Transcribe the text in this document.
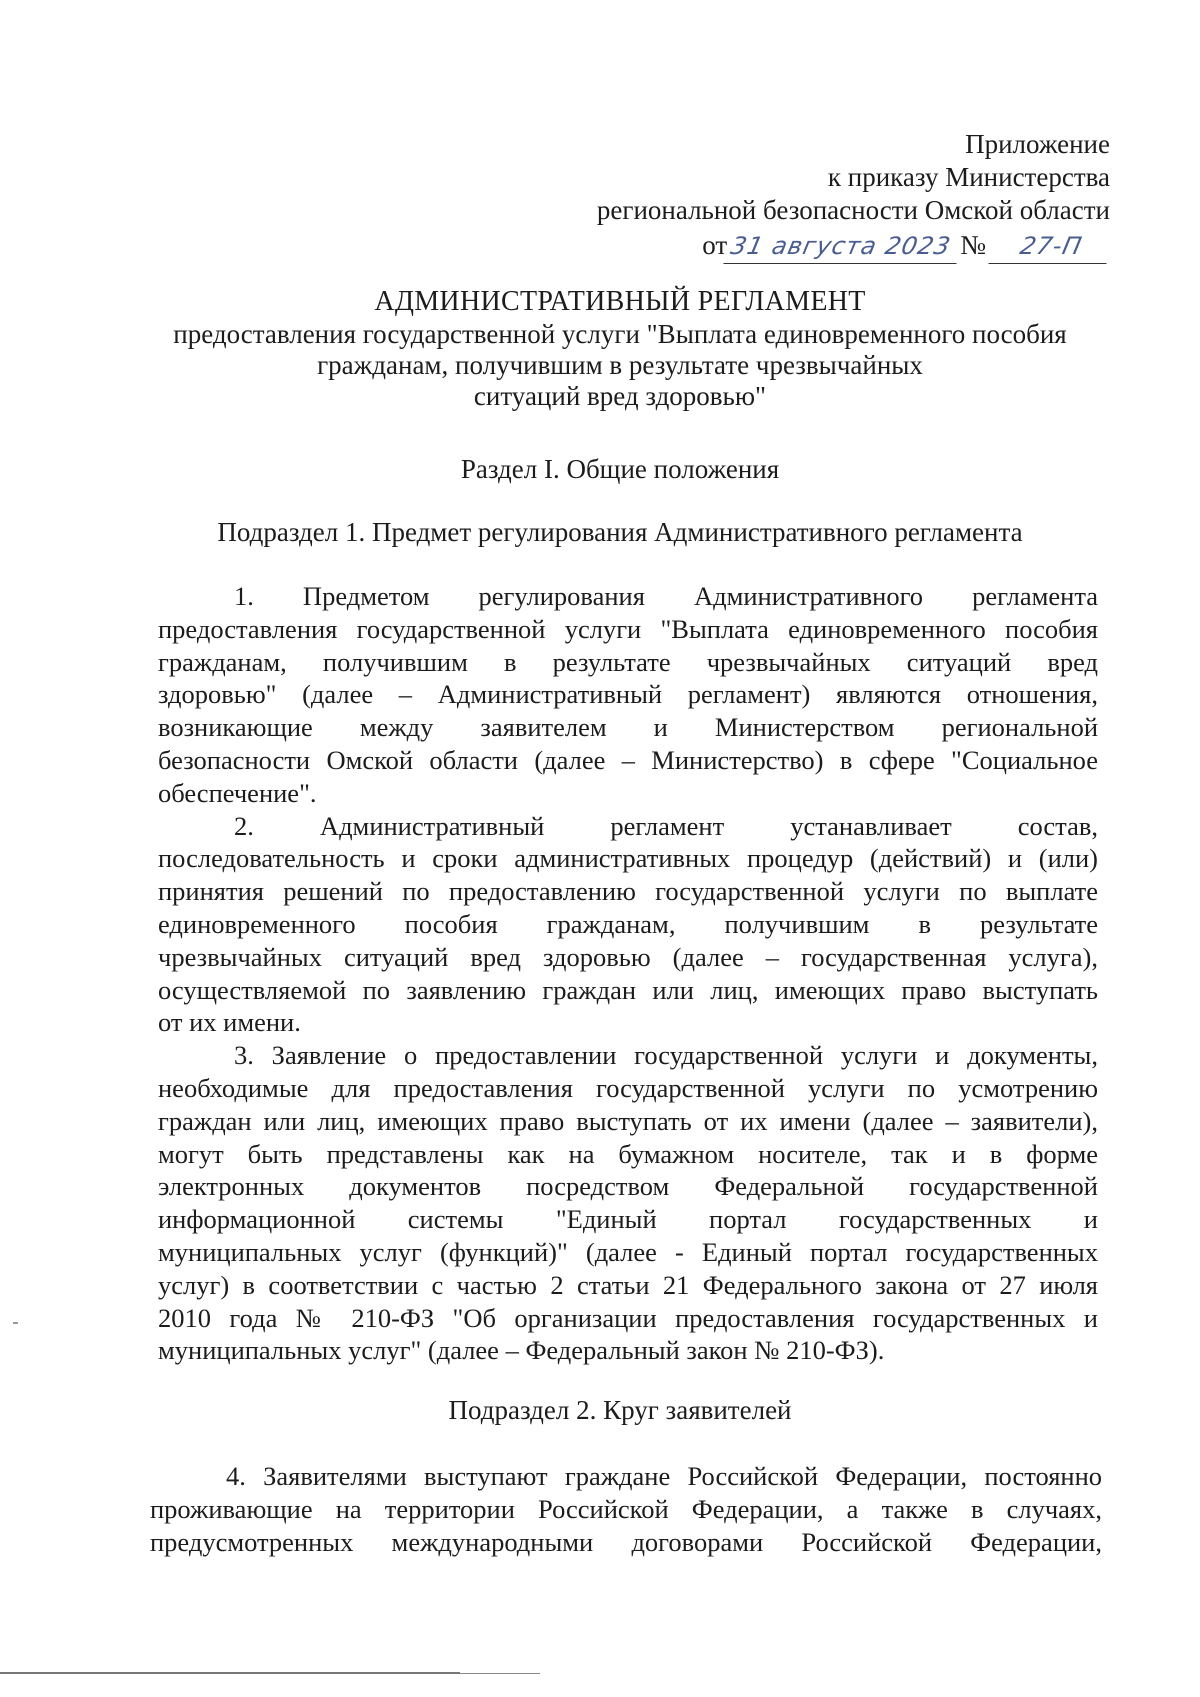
Приложение
к приказу Министерства
региональной безопасности Омской области
от31 августа 2023 № 27-П
АДМИНИСТРАТИВНЫЙ РЕГЛАМЕНТ
предоставления государственной услуги "Выплата единовременного пособия
гражданам, получившим в результате чрезвычайных
ситуаций вред здоровью"
Раздел I. Общие положения
Подраздел 1. Предмет регулирования Административного регламента

1. Предметом регулирования Административного регламента
предоставления государственной услуги "Выплата единовременного пособия
гражданам, получившим в результате чрезвычайных ситуаций вред
здоровью" (далее – Административный регламент) являются отношения,
возникающие между заявителем и Министерством региональной
безопасности Омской области (далее – Министерство) в сфере "Социальное
обеспечение".

2. Административный регламент устанавливает состав,
последовательность и сроки административных процедур (действий) и (или)
принятия решений по предоставлению государственной услуги по выплате
единовременного пособия гражданам, получившим в результате
чрезвычайных ситуаций вред здоровью (далее – государственная услуга),
осуществляемой по заявлению граждан или лиц, имеющих право выступать
от их имени.

3. Заявление о предоставлении государственной услуги и документы,
необходимые для предоставления государственной услуги по усмотрению
граждан или лиц, имеющих право выступать от их имени (далее – заявители),
могут быть представлены как на бумажном носителе, так и в форме
электронных документов посредством Федеральной государственной
информационной системы "Единый портал государственных и
муниципальных услуг (функций)" (далее - Единый портал государственных
услуг) в соответствии с частью 2 статьи 21 Федерального закона от 27 июля
2010 года № 210-ФЗ "Об организации предоставления государственных и
муниципальных услуг" (далее – Федеральный закон № 210-ФЗ).

Подраздел 2. Круг заявителей

4. Заявителями выступают граждане Российской Федерации, постоянно
проживающие на территории Российской Федерации, а также в случаях,
предусмотренных международными договорами Российской Федерации,
